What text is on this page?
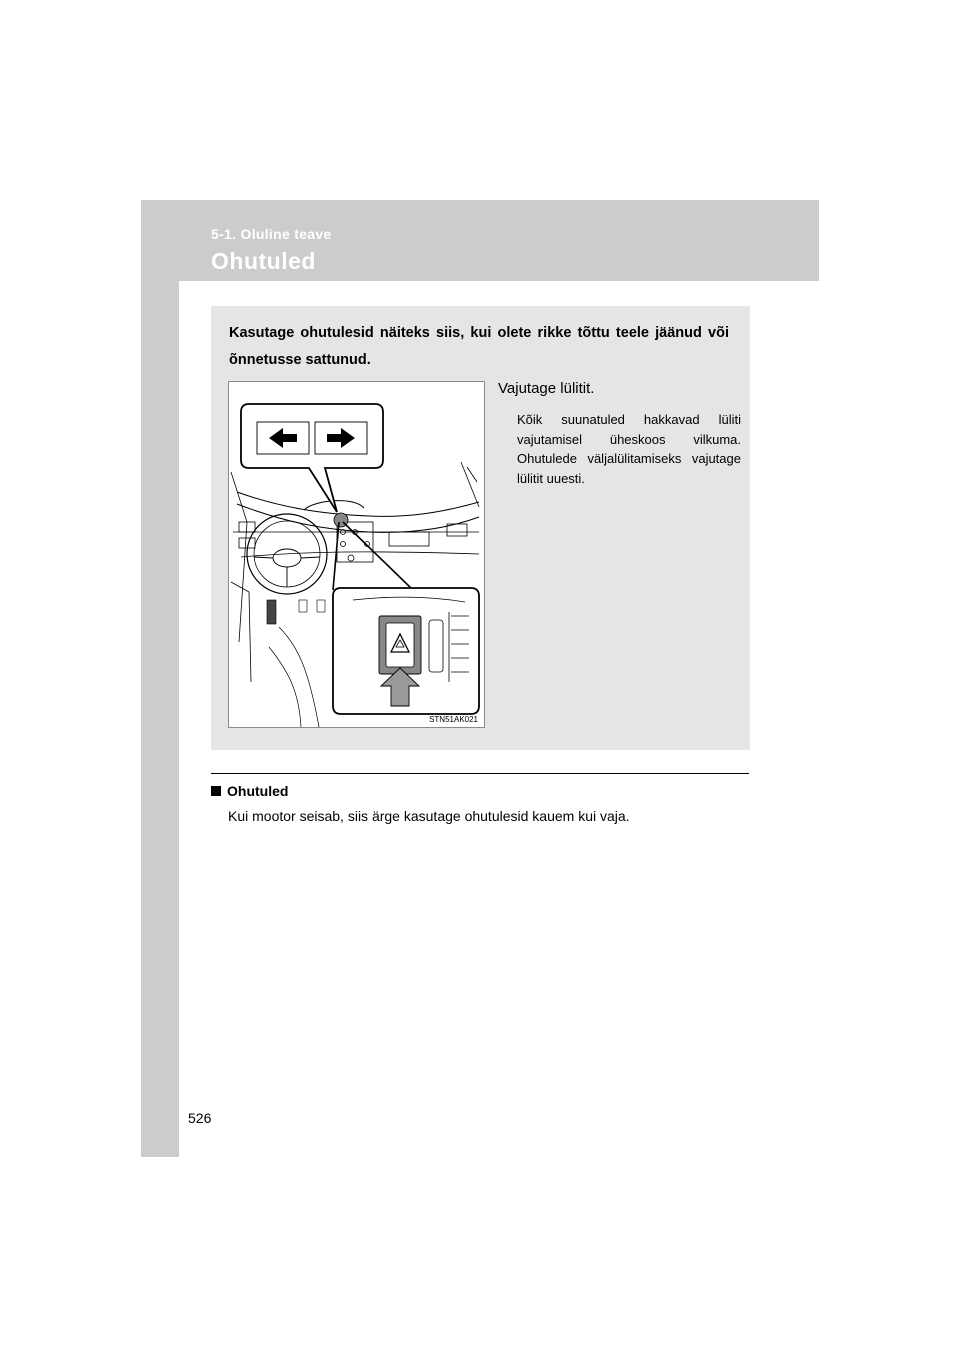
5-1. Oluline teave
Ohutuled
Kasutage ohutulesid näiteks siis, kui olete rikke tõttu teele jäänud või õnnetusse sattunud.
STN51AK021
Vajutage lülitit.
Kõik suunatuled hakkavad lüliti vajutamisel üheskoos vilkuma. Ohutulede väljalülitamiseks vajutage lülitit uuesti.
Ohutuled
Kui mootor seisab, siis ärge kasutage ohutulesid kauem kui vaja.
526
